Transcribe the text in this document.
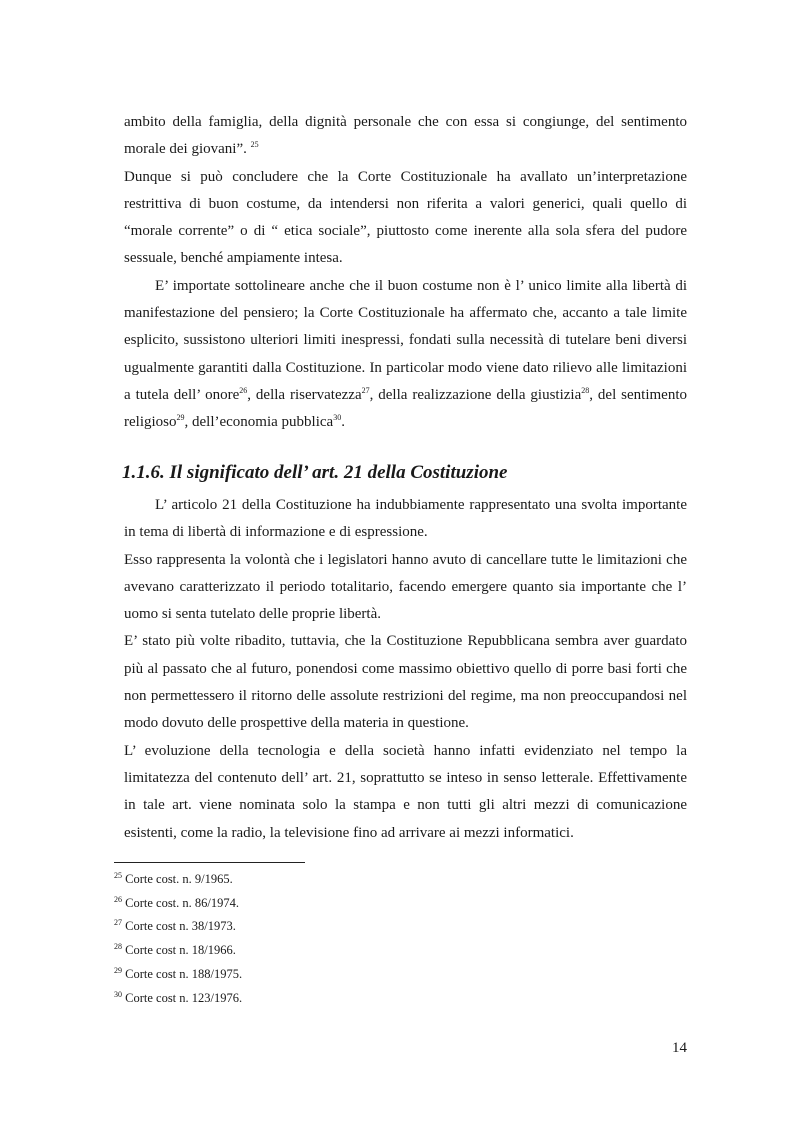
ambito della famiglia, della dignità personale che con essa si congiunge, del sentimento morale dei giovani”. $^{25}$

Dunque si può concludere che la Corte Costituzionale ha avallato un’interpretazione restrittiva di buon costume, da intendersi non riferita a valori generici, quali quello di “morale corrente” o di “ etica sociale”, piuttosto come inerente alla sola sfera del pudore sessuale, benché ampiamente intesa.

E’ importate sottolineare anche che il buon costume non è l’ unico limite alla libertà di manifestazione del pensiero; la Corte Costituzionale ha affermato che, accanto a tale limite esplicito, sussistono ulteriori limiti inespressi, fondati sulla necessità di tutelare beni diversi ugualmente garantiti dalla Costituzione. In particolar modo viene dato rilievo alle limitazioni a tutela dell’ onore$^{26}$, della riservatezza$^{27}$, della realizzazione della giustizia$^{28}$, del sentimento religioso$^{29}$, dell’economia pubblica$^{30}$.

1.1.6. Il significato dell’ art. 21 della Costituzione

L’ articolo 21 della Costituzione ha indubbiamente rappresentato una svolta importante in tema di libertà di informazione e di espressione.

Esso rappresenta la volontà che i legislatori hanno avuto di cancellare tutte le limitazioni che avevano caratterizzato il periodo totalitario, facendo emergere quanto sia importante che l’ uomo si senta tutelato delle proprie libertà.

E’ stato più volte ribadito, tuttavia, che la Costituzione Repubblicana sembra aver guardato più al passato che al futuro, ponendosi come massimo obiettivo quello di porre basi forti che non permettessero il ritorno delle assolute restrizioni del regime, ma non preoccupandosi nel modo dovuto delle prospettive della materia in questione.

L’ evoluzione della tecnologia e della società hanno infatti evidenziato nel tempo la limitatezza del contenuto dell’ art. 21, soprattutto se inteso in senso letterale. Effettivamente in tale art. viene nominata solo la stampa e non tutti gli altri mezzi di comunicazione esistenti, come la radio, la televisione fino ad arrivare ai mezzi informatici.

$^{25}$ Corte cost. n. 9/1965.

$^{26}$ Corte cost. n. 86/1974.

$^{27}$ Corte cost n. 38/1973.

$^{28}$ Corte cost n. 18/1966.

$^{29}$ Corte cost n. 188/1975.

$^{30}$ Corte cost n. 123/1976.

14
